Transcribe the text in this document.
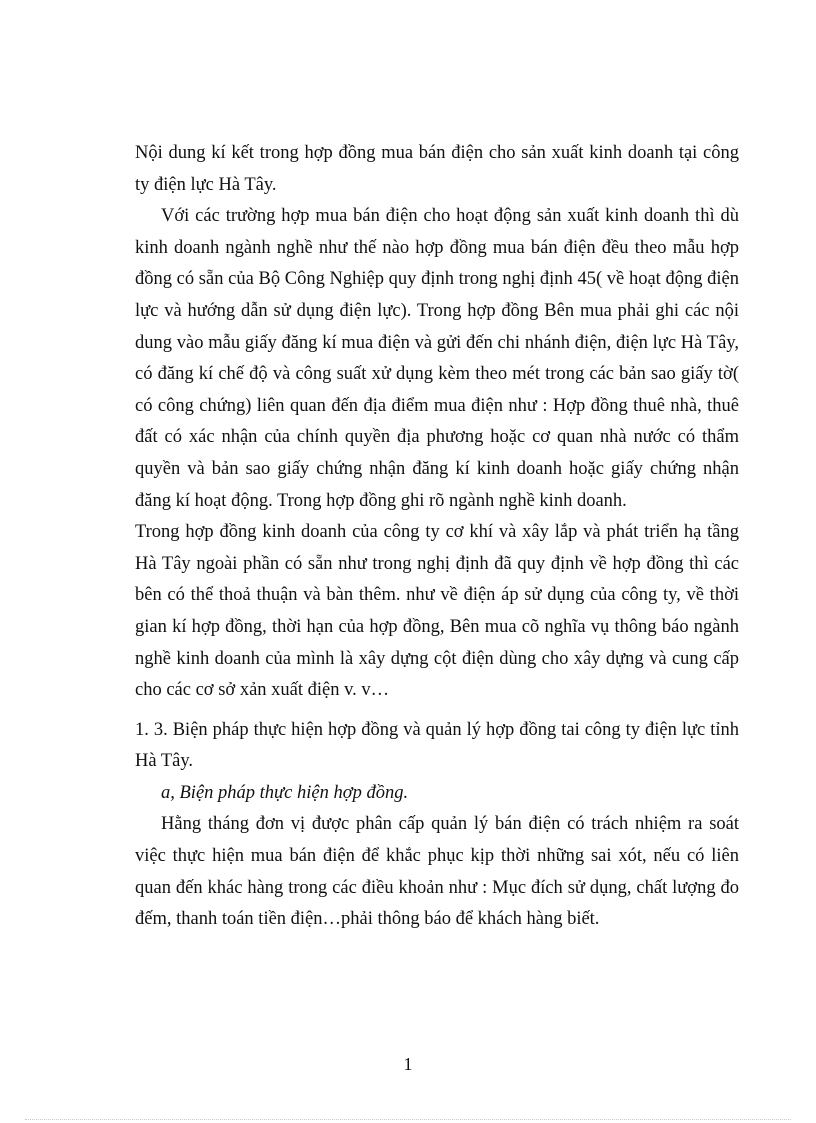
Nội dung kí kết trong hợp đồng mua bán điện cho sản xuất kinh doanh tại công ty điện lực Hà Tây.

Với các trường hợp mua bán điện cho hoạt động sản xuất kinh doanh thì dù kinh doanh ngành nghề như thế nào hợp đồng mua bán điện đều theo mẫu hợp đồng có sẵn của Bộ Công Nghiệp quy định trong nghị định 45( về hoạt động điện lực và hướng dẫn sử dụng điện lực). Trong hợp đồng Bên mua phải ghi các nội dung vào mẫu giấy đăng kí mua điện và gửi đến chi nhánh điện, điện lực Hà Tây, có đăng kí chế độ và công suất xử dụng kèm theo mét trong các bản sao giấy tờ( có công chứng) liên quan đến địa điểm mua điện như : Hợp đồng thuê nhà, thuê đất có xác nhận của chính quyền địa phương hoặc cơ quan nhà nước có thẩm quyền và bản sao giấy chứng nhận đăng kí kinh doanh hoặc giấy chứng nhận đăng kí hoạt động. Trong hợp đồng ghi rõ ngành nghề kinh doanh.

Trong hợp đồng kinh doanh của công ty cơ khí và xây lắp và phát triển hạ tầng Hà Tây ngoài phần có sẵn như trong nghị định đã quy định về hợp đồng thì các bên có thể thoả thuận và bàn thêm. như về điện áp sử dụng của công ty, về thời gian kí hợp đồng, thời hạn của hợp đồng, Bên mua cõ nghĩa vụ thông báo ngành nghề kinh doanh của mình là xây dựng cột điện dùng cho xây dựng và cung cấp cho các cơ sở xản xuất điện v. v…

1. 3. Biện pháp thực hiện hợp đồng và quản lý hợp đồng tai công ty điện lực tỉnh Hà Tây.

a, Biện pháp thực hiện hợp đồng.

Hằng tháng đơn vị được phân cấp quản lý bán điện có trách nhiệm ra soát việc thực hiện mua bán điện để khắc phục kịp thời những sai xót, nếu có liên quan đến khác hàng trong các điều khoản như : Mục đích sử dụng, chất lượng đo đếm, thanh toán tiền điện…phải thông báo để khách hàng biết.

1
